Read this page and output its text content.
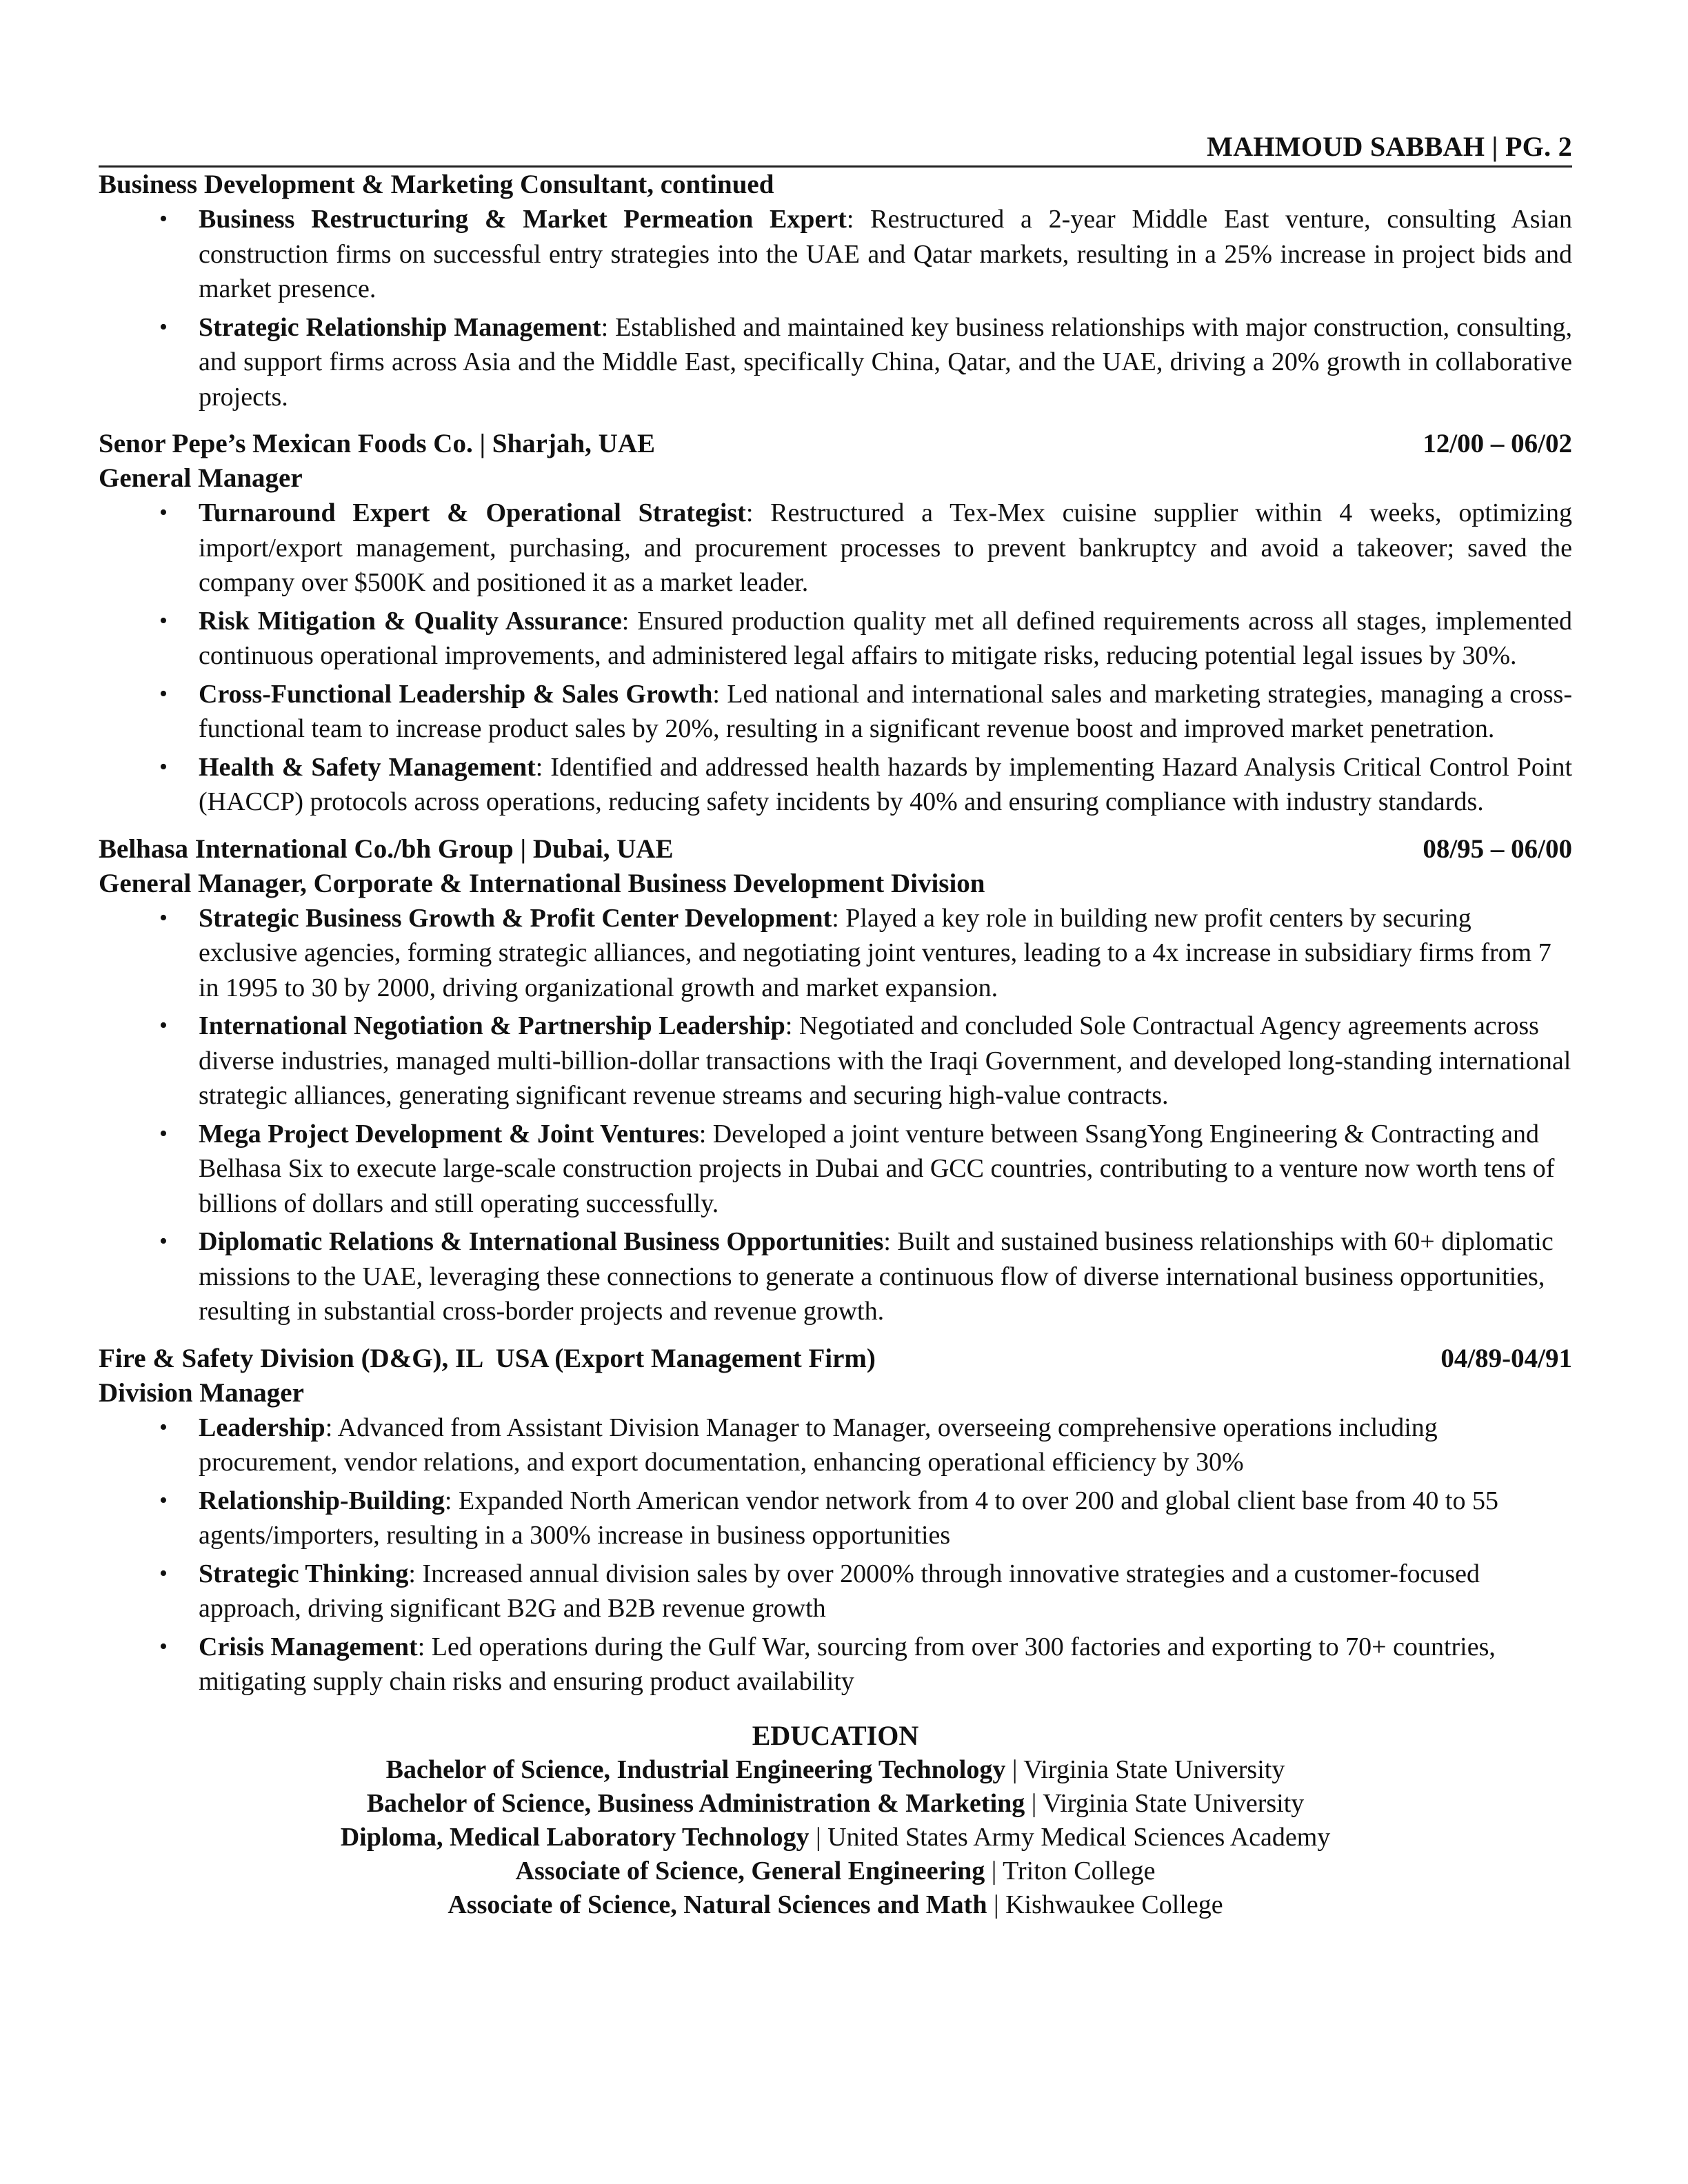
MAHMOUD SABBAH | PG. 2
Business Development & Marketing Consultant, continued
• Business Restructuring & Market Permeation Expert: Restructured a 2-year Middle East venture, consulting Asian construction firms on successful entry strategies into the UAE and Qatar markets, resulting in a 25% increase in project bids and market presence.
• Strategic Relationship Management: Established and maintained key business relationships with major construction, consulting, and support firms across Asia and the Middle East, specifically China, Qatar, and the UAE, driving a 20% growth in collaborative projects.
Senor Pepe’s Mexican Foods Co. | Sharjah, UAE	12/00 – 06/02
General Manager
• Turnaround Expert & Operational Strategist: Restructured a Tex-Mex cuisine supplier within 4 weeks, optimizing import/export management, purchasing, and procurement processes to prevent bankruptcy and avoid a takeover; saved the company over $500K and positioned it as a market leader.
• Risk Mitigation & Quality Assurance: Ensured production quality met all defined requirements across all stages, implemented continuous operational improvements, and administered legal affairs to mitigate risks, reducing potential legal issues by 30%.
• Cross-Functional Leadership & Sales Growth: Led national and international sales and marketing strategies, managing a cross-functional team to increase product sales by 20%, resulting in a significant revenue boost and improved market penetration.
• Health & Safety Management: Identified and addressed health hazards by implementing Hazard Analysis Critical Control Point (HACCP) protocols across operations, reducing safety incidents by 40% and ensuring compliance with industry standards.
Belhasa International Co./bh Group | Dubai, UAE	08/95 – 06/00
General Manager, Corporate & International Business Development Division
• Strategic Business Growth & Profit Center Development: Played a key role in building new profit centers by securing exclusive agencies, forming strategic alliances, and negotiating joint ventures, leading to a 4x increase in subsidiary firms from 7 in 1995 to 30 by 2000, driving organizational growth and market expansion.
• International Negotiation & Partnership Leadership: Negotiated and concluded Sole Contractual Agency agreements across diverse industries, managed multi-billion-dollar transactions with the Iraqi Government, and developed long-standing international strategic alliances, generating significant revenue streams and securing high-value contracts.
• Mega Project Development & Joint Ventures: Developed a joint venture between SsangYong Engineering & Contracting and Belhasa Six to execute large-scale construction projects in Dubai and GCC countries, contributing to a venture now worth tens of billions of dollars and still operating successfully.
• Diplomatic Relations & International Business Opportunities: Built and sustained business relationships with 60+ diplomatic missions to the UAE, leveraging these connections to generate a continuous flow of diverse international business opportunities, resulting in substantial cross-border projects and revenue growth.
Fire & Safety Division (D&G), IL  USA (Export Management Firm)	04/89-04/91
Division Manager
• Leadership: Advanced from Assistant Division Manager to Manager, overseeing comprehensive operations including procurement, vendor relations, and export documentation, enhancing operational efficiency by 30%
• Relationship-Building: Expanded North American vendor network from 4 to over 200 and global client base from 40 to 55 agents/importers, resulting in a 300% increase in business opportunities
• Strategic Thinking: Increased annual division sales by over 2000% through innovative strategies and a customer-focused approach, driving significant B2G and B2B revenue growth
• Crisis Management: Led operations during the Gulf War, sourcing from over 300 factories and exporting to 70+ countries, mitigating supply chain risks and ensuring product availability
EDUCATION
Bachelor of Science, Industrial Engineering Technology | Virginia State University
Bachelor of Science, Business Administration & Marketing | Virginia State University
Diploma, Medical Laboratory Technology | United States Army Medical Sciences Academy
Associate of Science, General Engineering | Triton College
Associate of Science, Natural Sciences and Math | Kishwaukee College
